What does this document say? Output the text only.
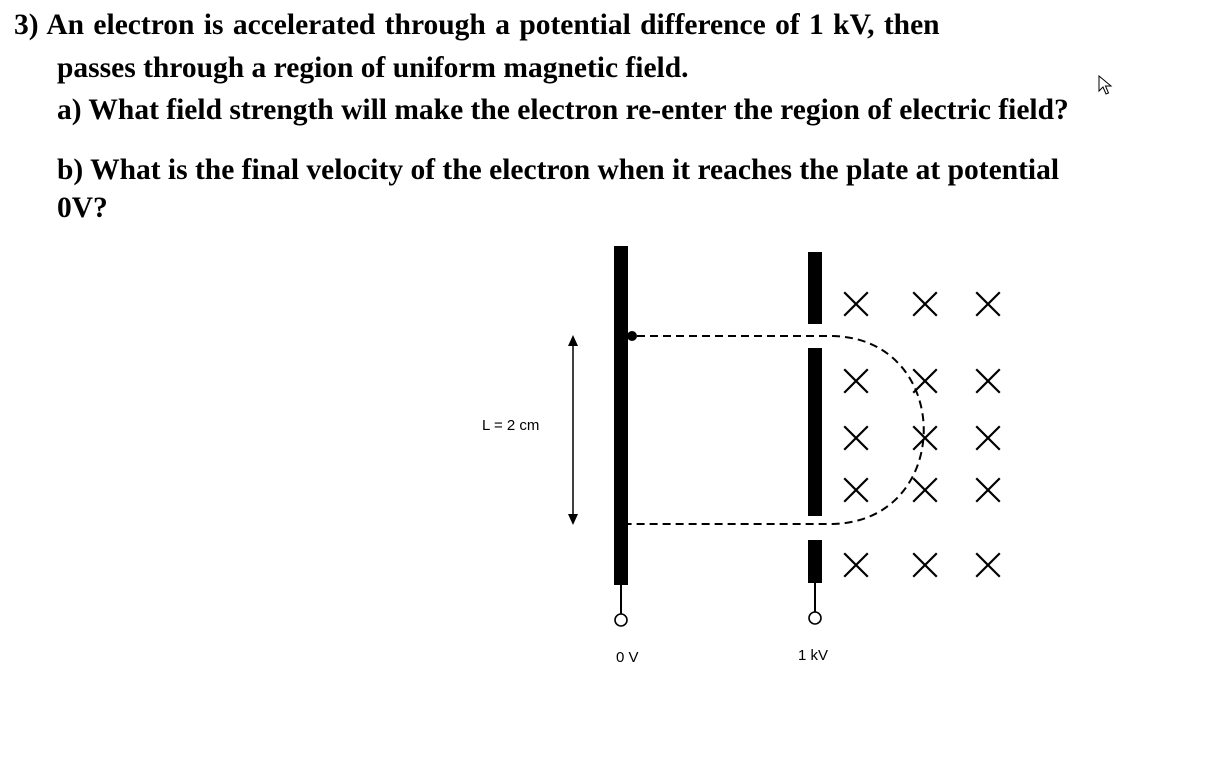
3) An electron is accelerated through a potential difference of 1 kV, then
passes through a region of uniform magnetic field.
a) What field strength will make the electron re-enter the region of electric field?
b) What is the final velocity of the electron when it reaches the plate at potential
0V?
L = 2 cm
0 V	1 kV
